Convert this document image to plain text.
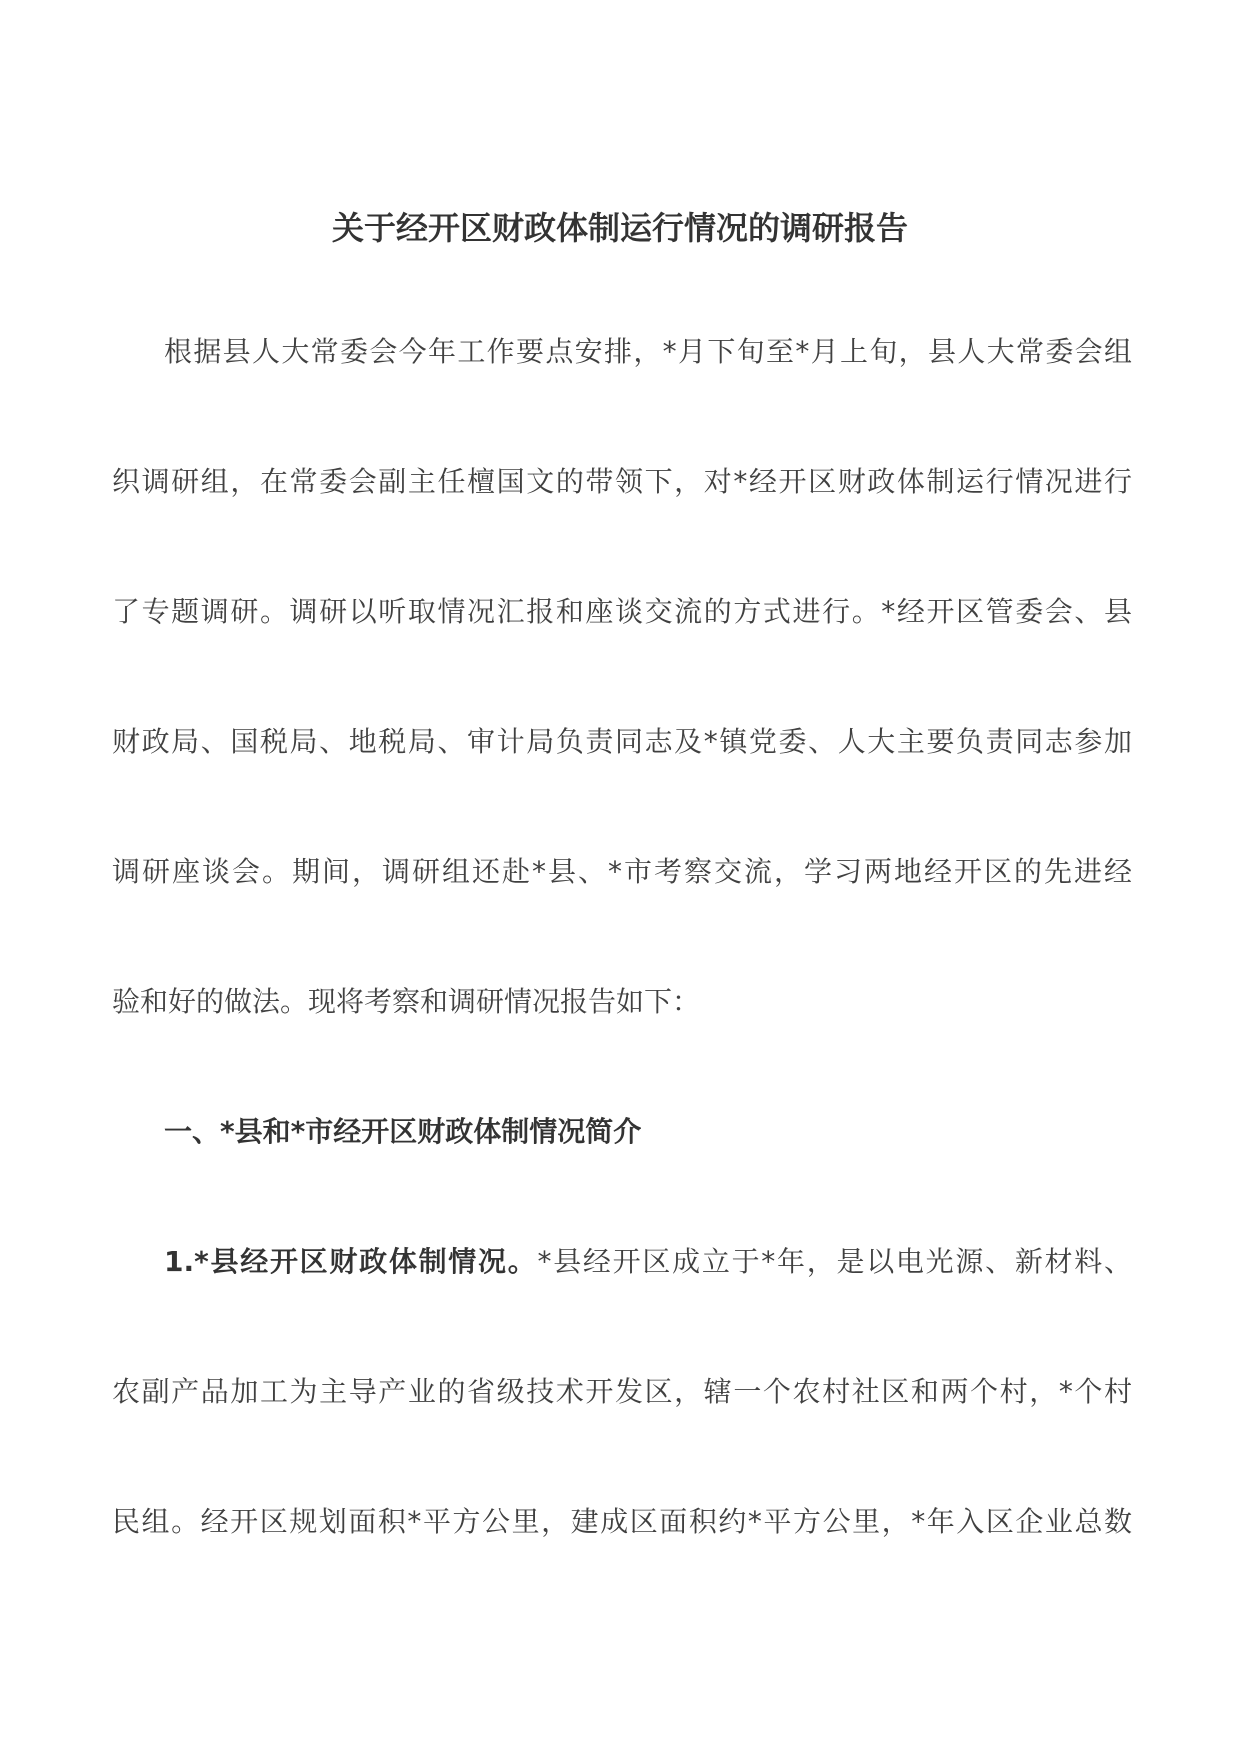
关于经开区财政体制运行情况的调研报告
根据县人大常委会今年工作要点安排，*月下旬至*月上旬，县人大常委会组
织调研组，在常委会副主任檀国文的带领下，对*经开区财政体制运行情况进行
了专题调研。调研以听取情况汇报和座谈交流的方式进行。*经开区管委会、县
财政局、国税局、地税局、审计局负责同志及*镇党委、人大主要负责同志参加
调研座谈会。期间，调研组还赴*县、*市考察交流，学习两地经开区的先进经
验和好的做法。现将考察和调研情况报告如下：
一、*县和*市经开区财政体制情况简介
1.*县经开区财政体制情况。*县经开区成立于*年，是以电光源、新材料、
农副产品加工为主导产业的省级技术开发区，辖一个农村社区和两个村，*个村
民组。经开区规划面积*平方公里，建成区面积约*平方公里，*年入区企业总数
